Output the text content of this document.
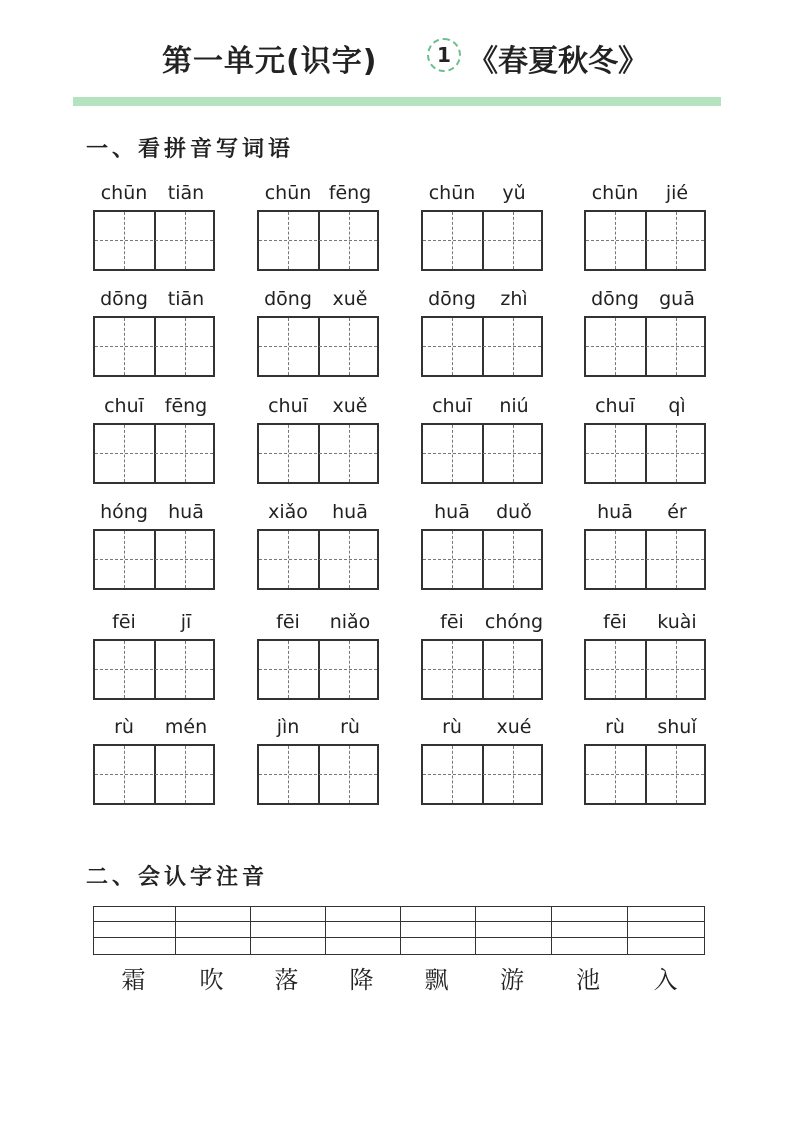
第一单元(识字)	1 《春夏秋冬》
一、看拼音写词语
chūn	tiān	chūn fēng	chūn	yǔ	chūn	jié
dōng	tiān	dōng	xuě	dōng	zhì	dōng	guā
chuī	fēng	chuī	xuě	chuī	niú	chuī	qì
hóng	huā	xiǎo	huā	huā	duǒ	huā	ér
fēi	jī	fēi	niǎo	fēi	chóng	fēi	kuài
rù	mén	jìn	rù	rù	xué	rù	shuǐ
二、会认字注音
霜	吹	落	降	飘	游	池	入
